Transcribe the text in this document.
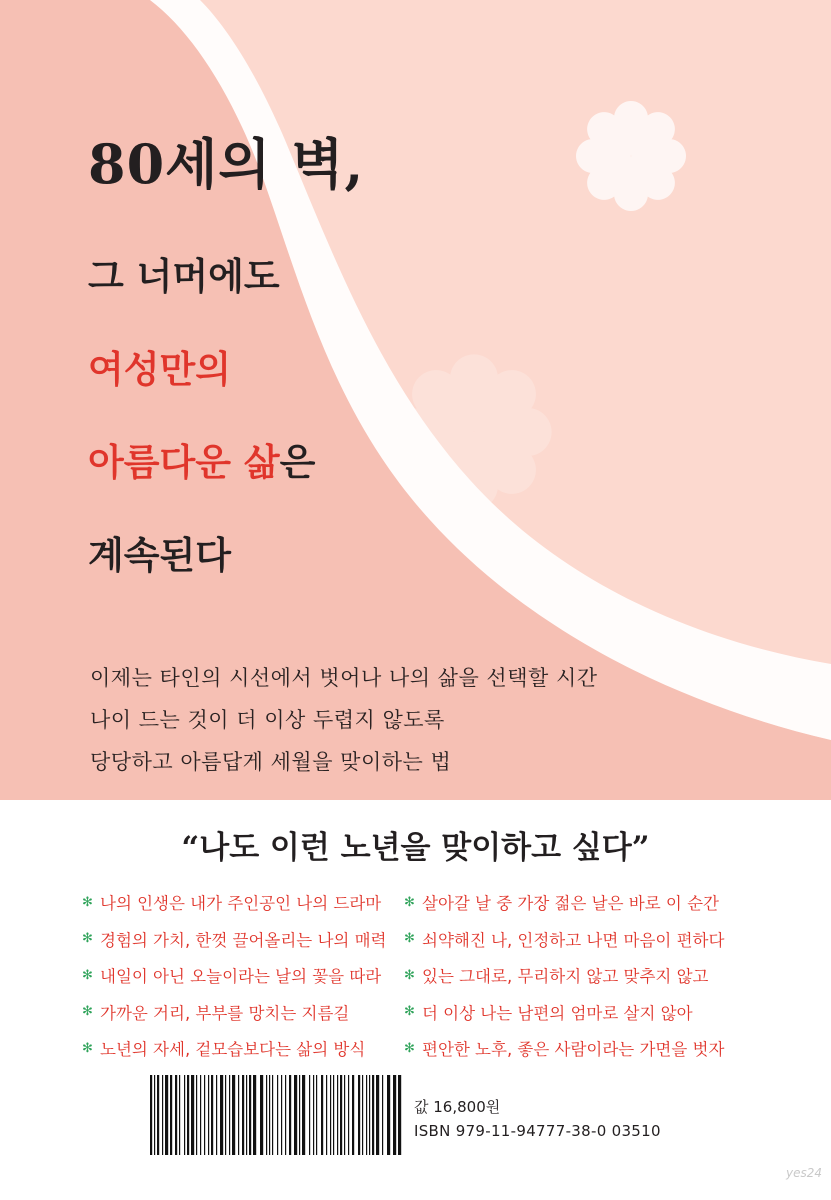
80세의 벽,
그 너머에도
여성만의
아름다운 삶은
계속된다
이제는 타인의 시선에서 벗어나 나의 삶을 선택할 시간
나이 드는 것이 더 이상 두렵지 않도록
당당하고 아름답게 세월을 맞이하는 법
“나도 이런 노년을 맞이하고 싶다”
✻ 나의 인생은 내가 주인공인 나의 드라마
✻ 경험의 가치, 한껏 끌어올리는 나의 매력
✻ 내일이 아닌 오늘이라는 날의 꽃을 따라
✻ 가까운 거리, 부부를 망치는 지름길
✻ 노년의 자세, 겉모습보다는 삶의 방식
✻ 살아갈 날 중 가장 젊은 날은 바로 이 순간
✻ 쇠약해진 나, 인정하고 나면 마음이 편하다
✻ 있는 그대로, 무리하지 않고 맞추지 않고
✻ 더 이상 나는 남편의 엄마로 살지 않아
✻ 편안한 노후, 좋은 사람이라는 가면을 벗자
값 16,800원
ISBN 979-11-94777-38-0 03510
yes24
